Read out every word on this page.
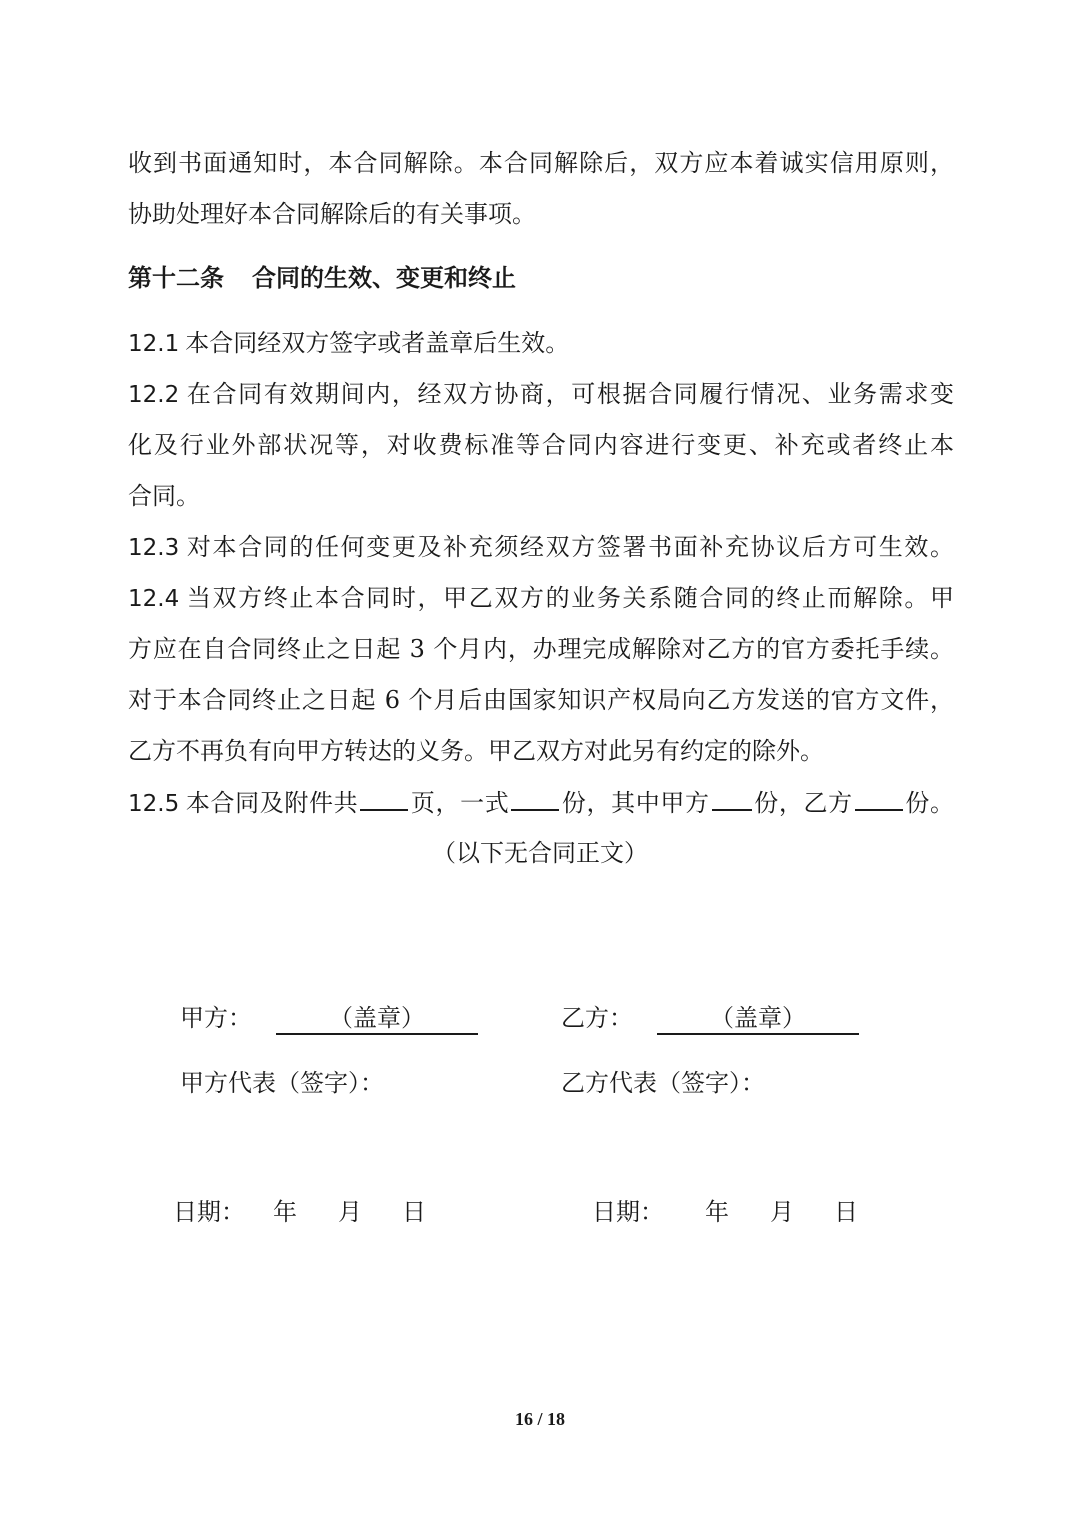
收到书面通知时，本合同解除。本合同解除后，双方应本着诚实信用原则，
协助处理好本合同解除后的有关事项。
第十二条 合同的生效、变更和终止
12.1 本合同经双方签字或者盖章后生效。
12.2 在合同有效期间内，经双方协商，可根据合同履行情况、业务需求变
化及行业外部状况等，对收费标准等合同内容进行变更、补充或者终止本
合同。
12.3 对本合同的任何变更及补充须经双方签署书面补充协议后方可生效。
12.4 当双方终止本合同时，甲乙双方的业务关系随合同的终止而解除。甲
方应在自合同终止之日起 3 个月内，办理完成解除对乙方的官方委托手续。
对于本合同终止之日起 6 个月后由国家知识产权局向乙方发送的官方文件，
乙方不再负有向甲方转达的义务。甲乙双方对此另有约定的除外。
12.5 本合同及附件共 页，一式 份，其中甲方 份，乙方 份。
（以下无合同正文）
甲方：	（盖章）	乙方：	（盖章）
甲方代表（签字）：	乙方代表（签字）：
日期： 年 月 日	日期： 年 月 日
16 / 18
